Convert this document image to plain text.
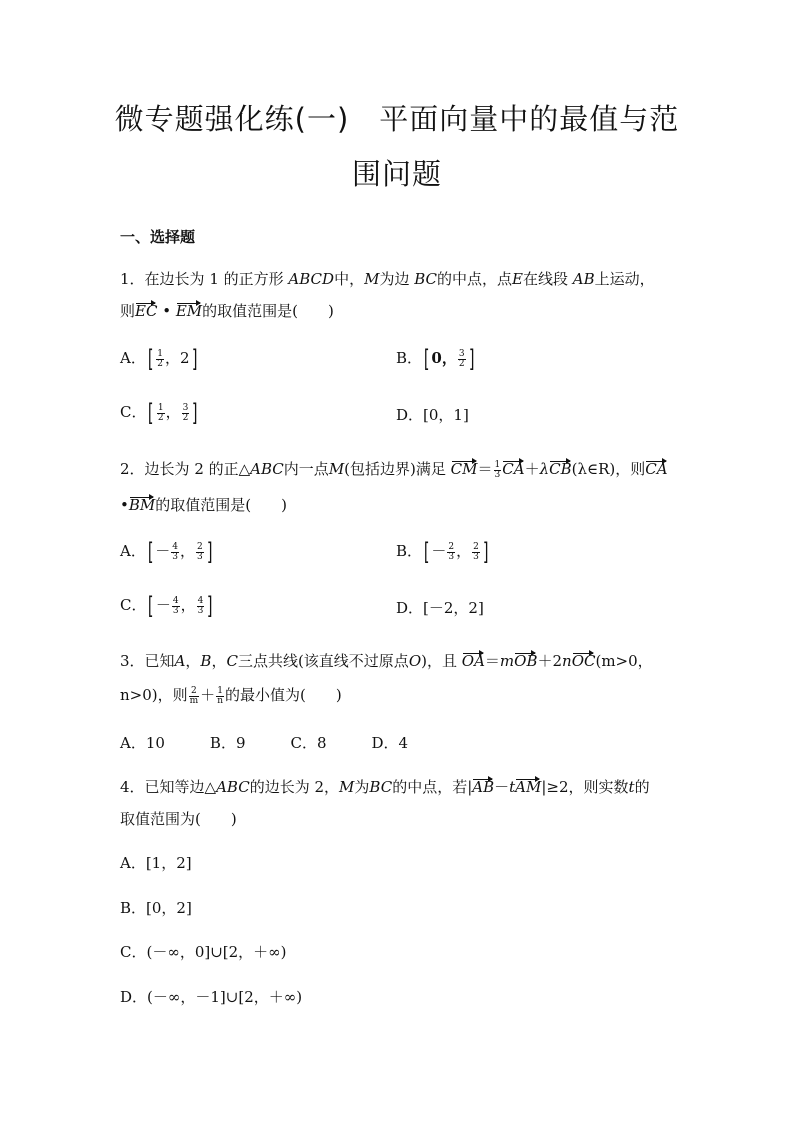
微专题强化练(一)　平面向量中的最值与范
围问题
一、选择题
1．在边长为 1 的正方形 ABCD中，M为边 BC的中点，点E在线段 AB上运动，
则EC • EM的取值范围是(　　)
A．[ $\frac{1}{2}$ ，2]	B．[ 0， $\frac{3}{2}$ ]
C．[ $\frac{1}{2}$ ， $\frac{3}{2}$ ]	D．[0，1]
2．边长为 2 的正△ABC内一点M(包括边界)满足 $CM= \frac{1}{3}$ CA＋λCB(λ∈R)，则CA
•BM的取值范围是(　　)
A．[ － $\frac{4}{3}$ ， $\frac{2}{3}$ ]	B．[ － $\frac{2}{3}$ ， $\frac{2}{3}$ ]
C．[ － $\frac{4}{3}$ ， $\frac{4}{3}$ ]	D．[－2，2]
3．已知A，B，C三点共线(该直线不过原点O)，且 OA＝mOB＋2nOC(m>0，
n>0)，则 $\frac{2}{m} + \frac{1}{n}$ 的最小值为(　　)
A．10　　　B．9　　　C．8　　　D．4
4．已知等边△ABC的边长为 2，M为BC的中点，若|AB－tAM|≥2，则实数t的
取值范围为(　　)
A．[1，2]
B．[0，2]
C．(－∞，0]∪[2，＋∞)
D．(－∞，－1]∪[2，＋∞)
